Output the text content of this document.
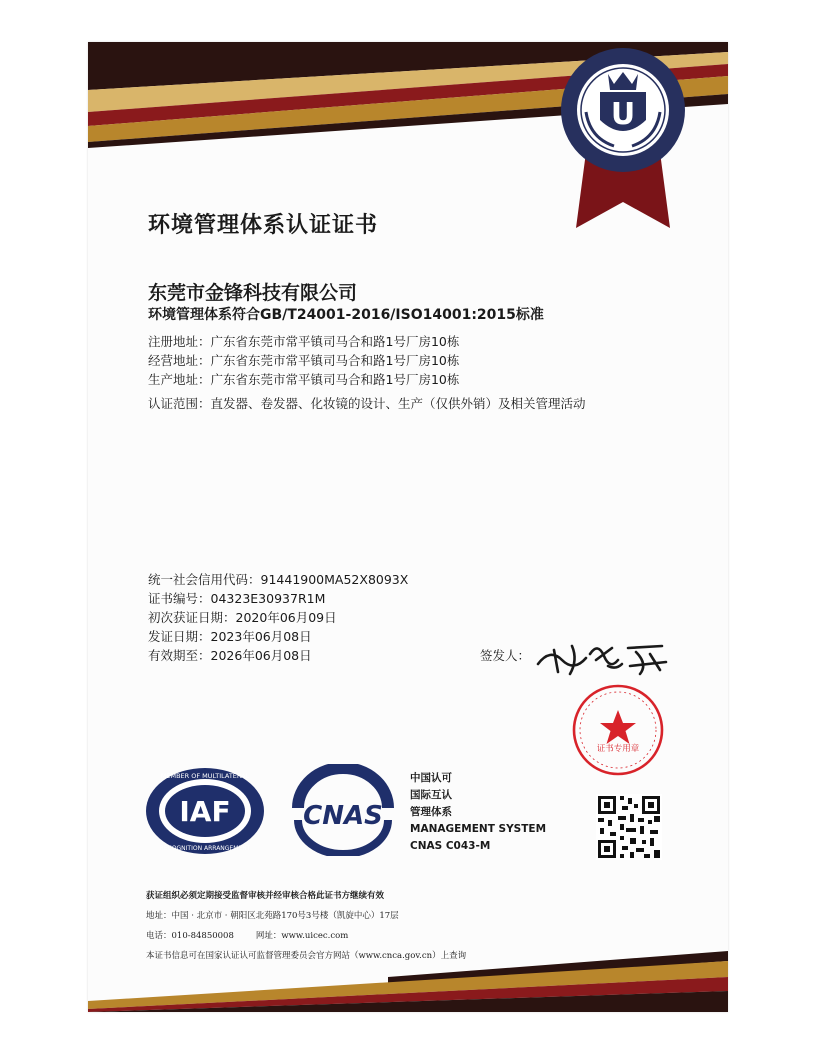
U
环境管理体系认证证书
东莞市金锋科技有限公司
环境管理体系符合GB/T24001-2016/ISO14001:2015标准
注册地址： 广东省东莞市常平镇司马合和路1号厂房10栋
经营地址： 广东省东莞市常平镇司马合和路1号厂房10栋
生产地址： 广东省东莞市常平镇司马合和路1号厂房10栋
认证范围： 直发器、卷发器、化妆镜的设计、生产（仅供外销）及相关管理活动
统一社会信用代码： 91441900MA52X8093X
证书编号： 04323E30937R1M
初次获证日期： 2020年06月09日
发证日期： 2023年06月08日
有效期至： 2026年06月08日	签发人：
证书专用章
IAF
MEMBER OF MULTILATERAL
RECOGNITION ARRANGEMENT
CNAS
中国认可
国际互认
管理体系
MANAGEMENT SYSTEM
CNAS C043-M
获证组织必须定期接受监督审核并经审核合格此证书方继续有效
地址：中国 · 北京市 · 朝阳区北苑路170号3号楼（凯旋中心）17层
电话：010-84850008	网址：www.uicec.com
本证书信息可在国家认证认可监督管理委员会官方网站（www.cnca.gov.cn）上查询
